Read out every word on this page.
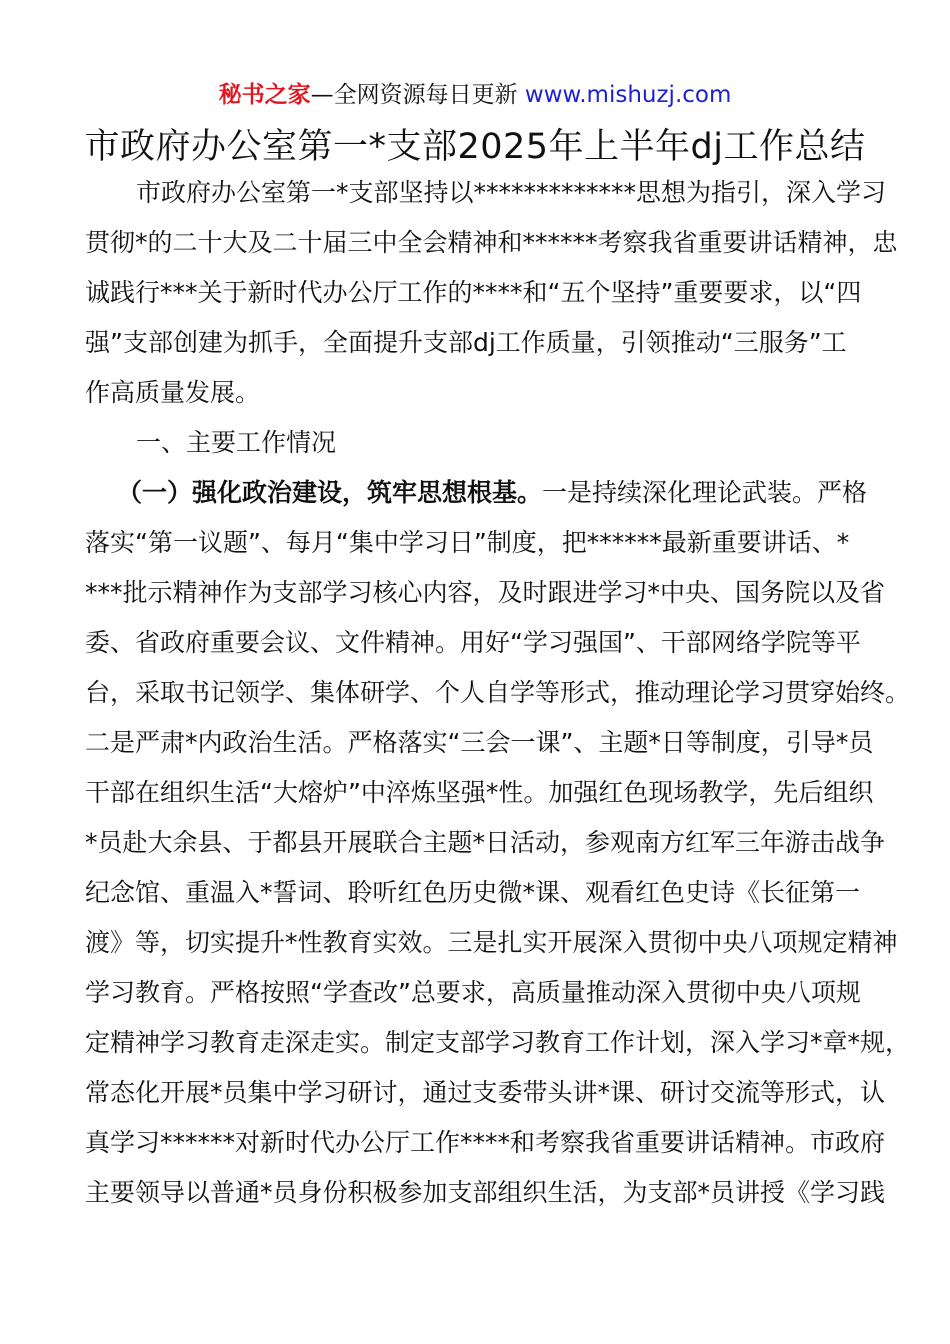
秘书之家—全网资源每日更新 www.mishuzj.com
市政府办公室第一*支部2025年上半年dj工作总结
市政府办公室第一*支部坚持以*************思想为指引，深入学习
贯彻*的二十大及二十届三中全会精神和******考察我省重要讲话精神，忠
诚践行***关于新时代办公厅工作的****和“五个坚持”重要要求，以“四
强”支部创建为抓手，全面提升支部dj工作质量，引领推动“三服务”工
作高质量发展。
一、主要工作情况
（一）强化政治建设，筑牢思想根基。一是持续深化理论武装。严格
落实“第一议题”、每月“集中学习日”制度，把******最新重要讲话、*
***批示精神作为支部学习核心内容，及时跟进学习*中央、国务院以及省
委、省政府重要会议、文件精神。用好“学习强国”、干部网络学院等平
台，采取书记领学、集体研学、个人自学等形式，推动理论学习贯穿始终。
二是严肃*内政治生活。严格落实“三会一课”、主题*日等制度，引导*员
干部在组织生活“大熔炉”中淬炼坚强*性。加强红色现场教学，先后组织
*员赴大余县、于都县开展联合主题*日活动，参观南方红军三年游击战争
纪念馆、重温入*誓词、聆听红色历史微*课、观看红色史诗《长征第一
渡》等，切实提升*性教育实效。三是扎实开展深入贯彻中央八项规定精神
学习教育。严格按照“学查改”总要求，高质量推动深入贯彻中央八项规
定精神学习教育走深走实。制定支部学习教育工作计划，深入学习*章*规，
常态化开展*员集中学习研讨，通过支委带头讲*课、研讨交流等形式，认
真学习******对新时代办公厅工作****和考察我省重要讲话精神。市政府
主要领导以普通*员身份积极参加支部组织生活，为支部*员讲授《学习践
